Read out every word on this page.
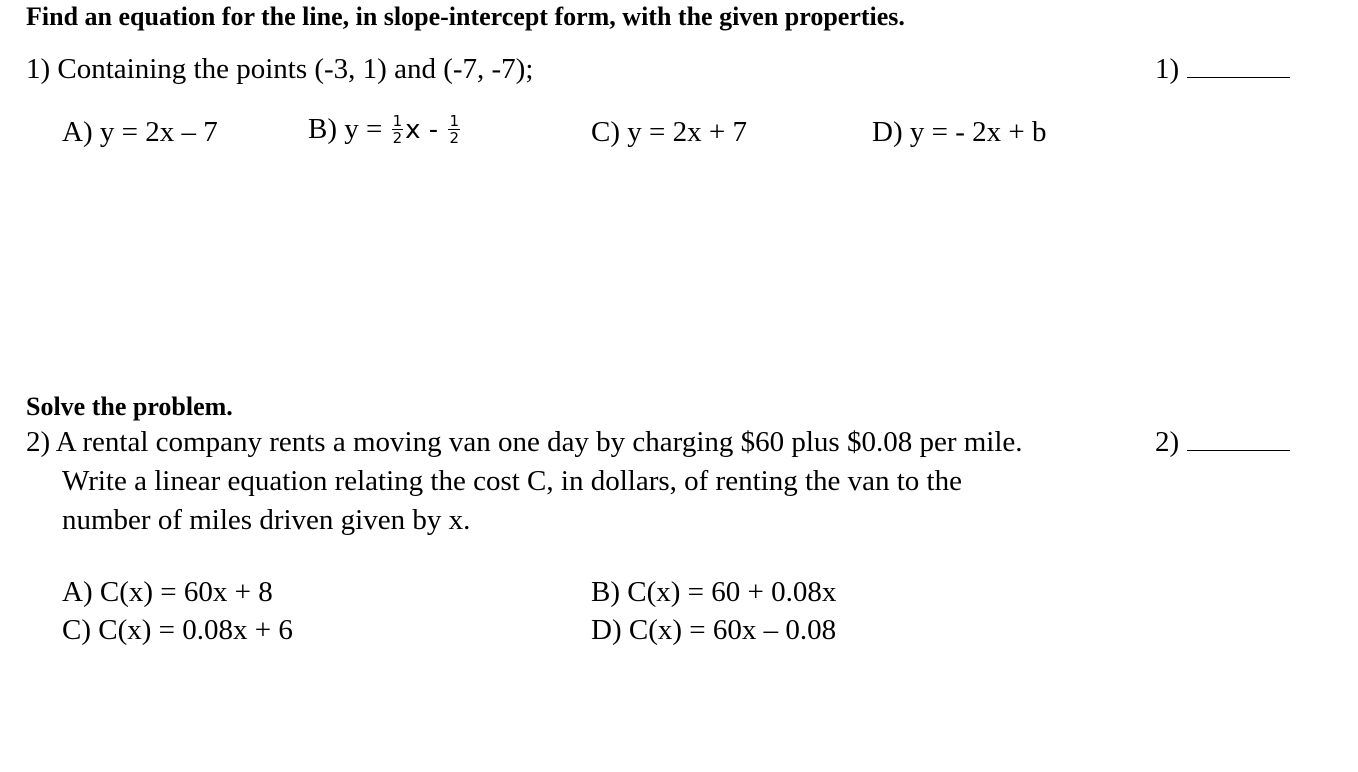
Find an equation for the line, in slope-intercept form, with the given properties.
1) Containing the points (-3, 1) and (-7, -7);	1)
A) y = 2x – 7	B) $y = \frac{1}{2}$ x - $\frac{1}{2}$	C) y = 2x + 7	D) y = - 2x + b
Solve the problem.
2) A rental company rents a moving van one day by charging $60 plus $0.08 per mile.	2)
Write a linear equation relating the cost C, in dollars, of renting the van to the
number of miles driven given by x.
A) C(x) = 60x + 8	B) C(x) = 60 + 0.08x
C) C(x) = 0.08x + 6	D) C(x) = 60x – 0.08
